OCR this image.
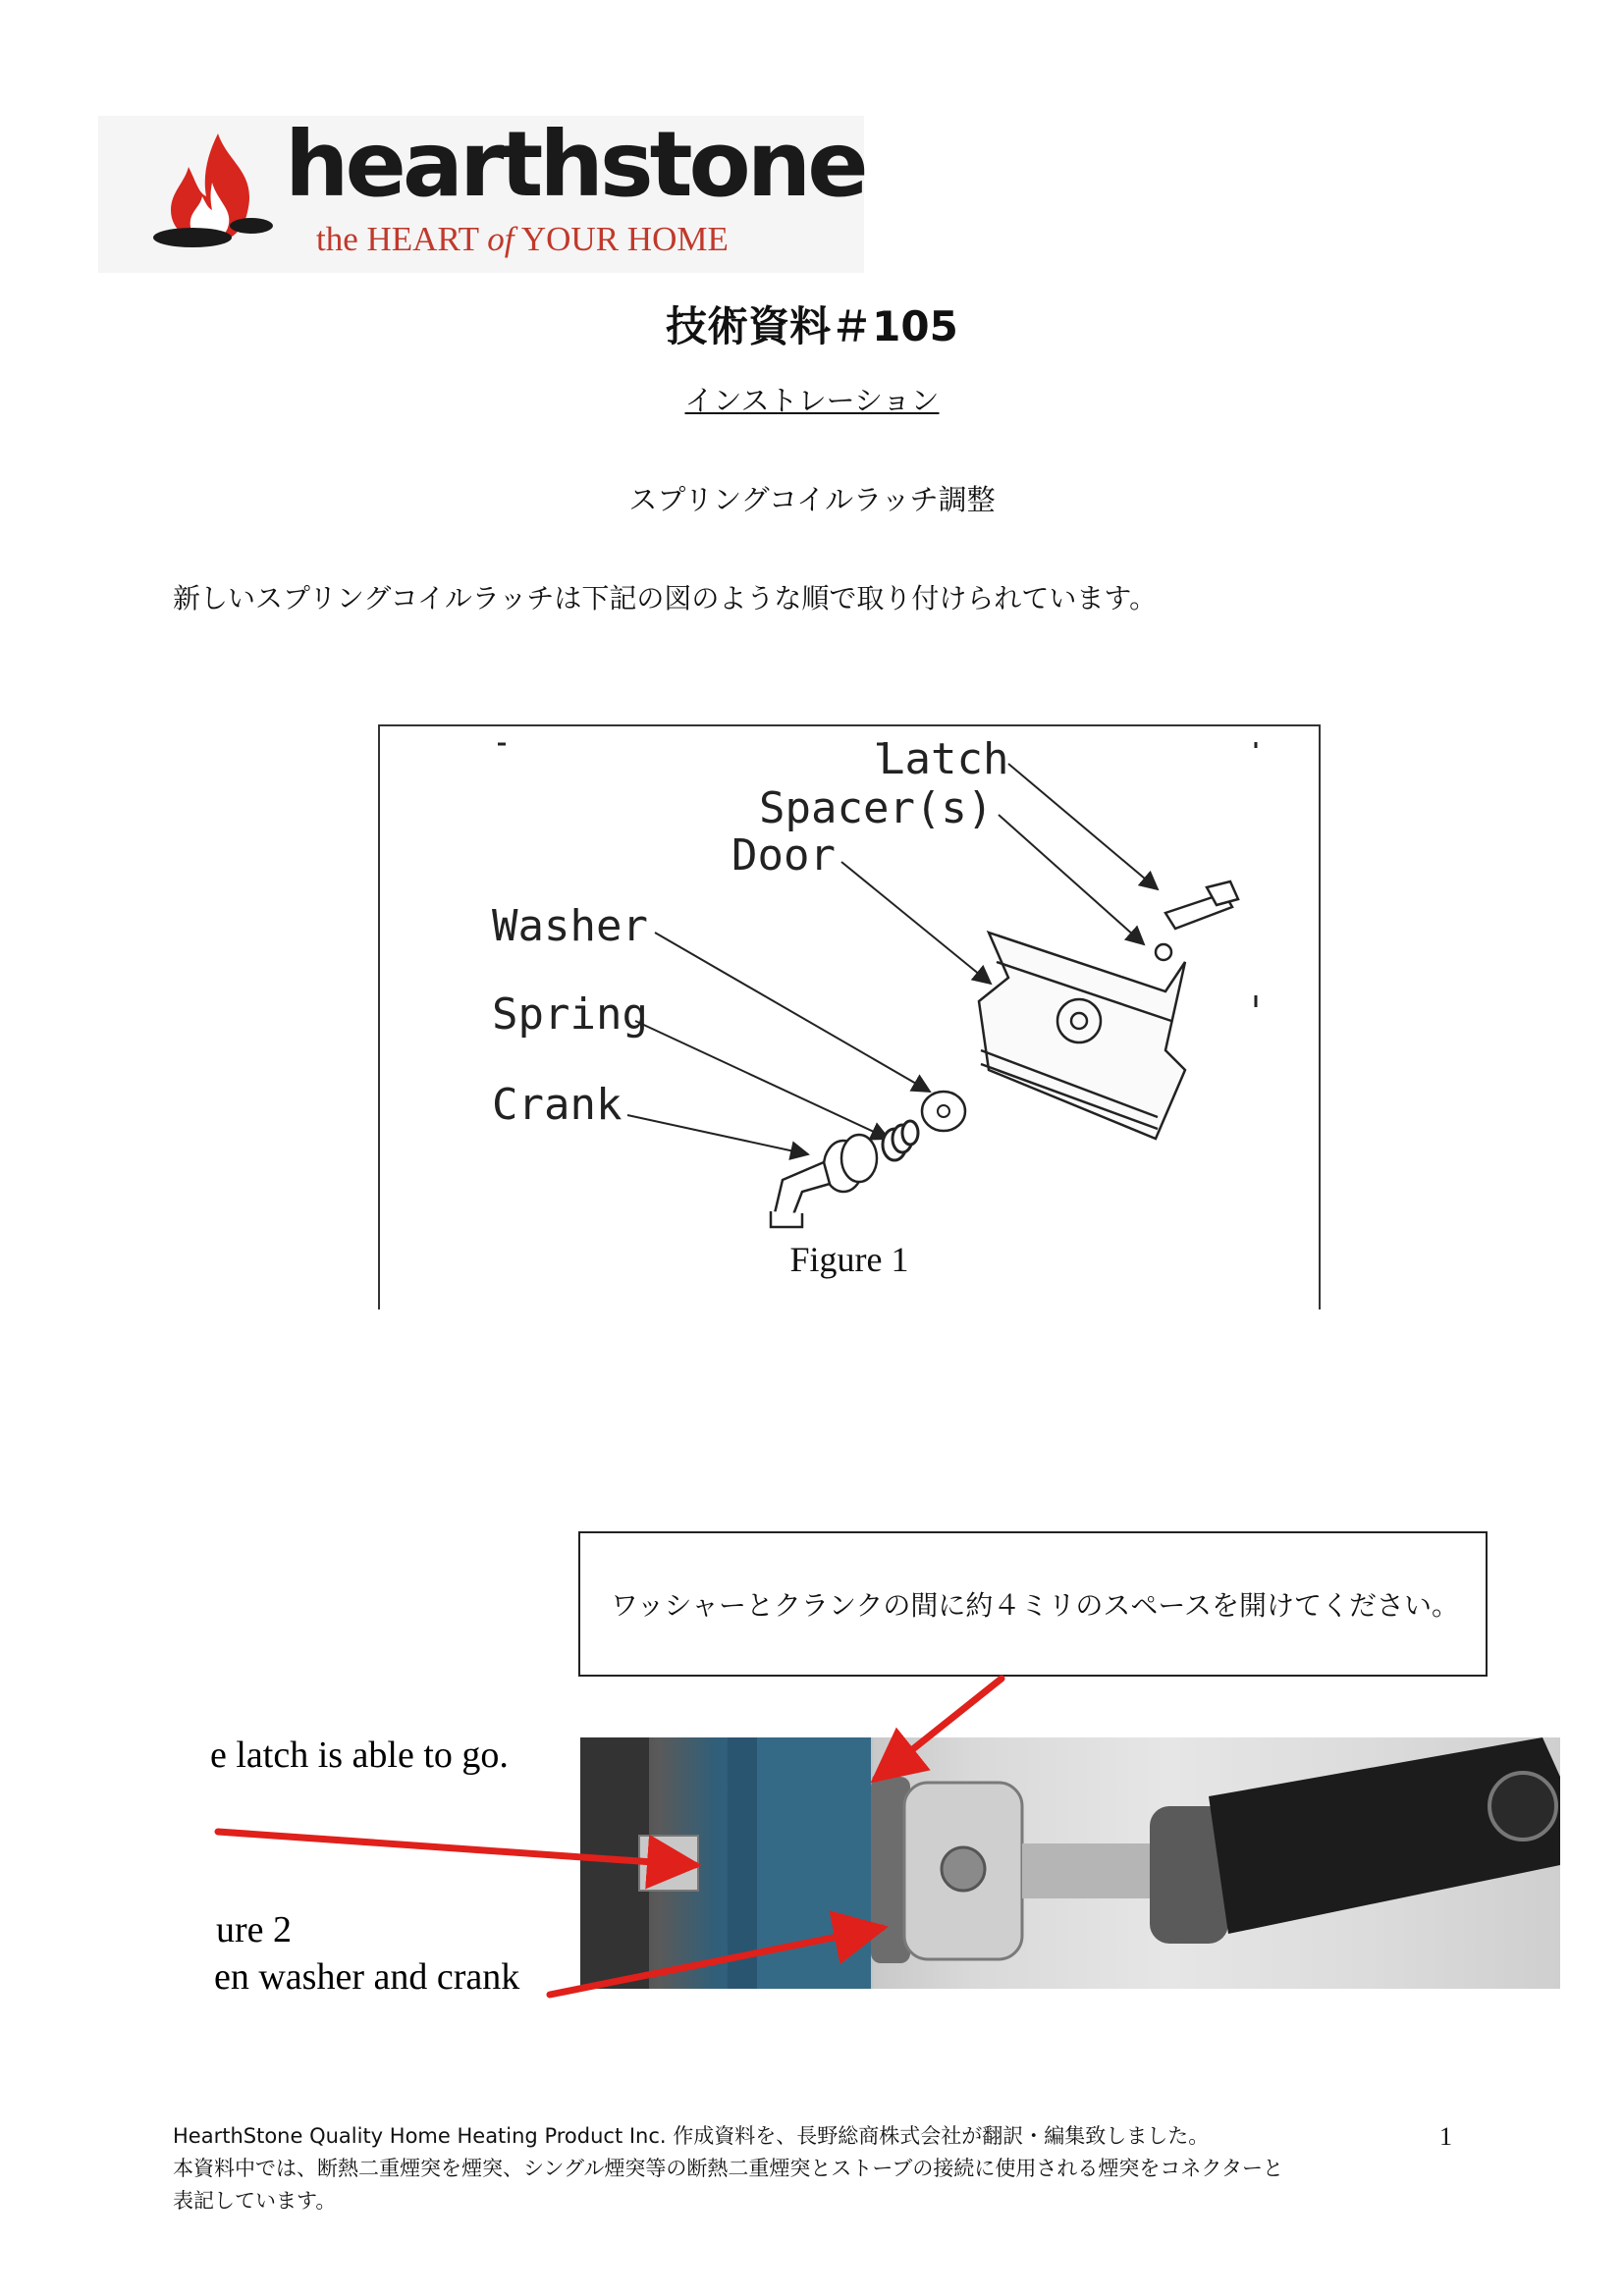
hearthstone
the HEART of YOUR HOME
技術資料＃105
インストレーション
スプリングコイルラッチ調整
新しいスプリングコイルラッチは下記の図のような順で取り付けられています。
Latch
Spacer(s)
Door
Washer
Spring
Crank
Figure 1
ワッシャーとクランクの間に約４ミリのスペースを開けてください。
e latch is able to go.
ure 2
en washer and crank
HearthStone Quality Home Heating Product Inc. 作成資料を、長野総商株式会社が翻訳・編集致しました。
本資料中では、断熱二重煙突を煙突、シングル煙突等の断熱二重煙突とストーブの接続に使用される煙突をコネクターと
表記しています。
1
